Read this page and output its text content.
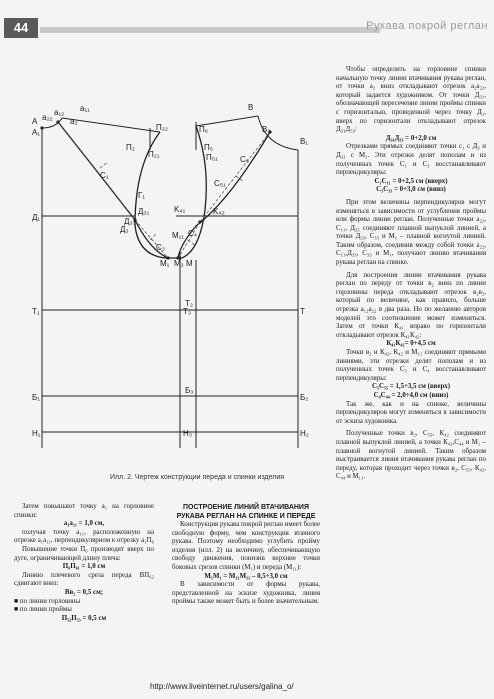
44	Рукава покрой реглан
A
A₁
a₁₁
a₁₂
a₂
a₂₂
П₂₂
П₂₁
П₂
C₁
C₃
Д₁
Д₃
Д₃₁
Д₃₃
Г₁
T₁
Б₁
H₁
B
B₁
B₂
П₆
П₅
П₅₁	C₅
C₅₁
K₄₂
K₄₁
C₄
M₁
M₁₁
M
M₂
T₃	T
T₂
Б₃
Б₂
H₃	H₂
Илл. 2. Чертеж конструкции переда и спинки изделия

Чтобы определить на горловине спинки начальную точку линии втачивания рукава реглан, от точки а₂ вниз откладывают отрезок a₂a₂₂, который задается художником. От точки Д₃₁, обозначающей пересечение линии проймы спинки с горизонталью, проведенной через точку Д₁, вверх по горизонтали откладывают отрезок Д₃₁Д₃₃:

Д₃₁Д₃₃ = 0+2,0 см

Отрезками прямых соединяют точки с₁ с Д₃ и Д₃₃ с М₁. Эти отрезки делят пополам и из полученных точек С₁ и С₃ восстанавливают перпендикуляры:

С₁С₁₁ = 0+2,5 см (вверх)

С₃С₃₃ = 0+3,0 см (вниз)

При этом величины перпендикуляров могут изменяться в зависимости от углубления проймы или формы линии реглан. Полученные точки а₂₂, С₁₁, Д₃₃ соединяют плавной выпуклой линией, а точки Д₃₃, С₃₃ и М₁ – плавной вогнутой линией. Таким образом, соединив между собой точки а₂₂, С₁₁,Д₃₃, С₃₃ и М₁, получают линию втачивания рукава реглан на спинке.

Для построения линии втачивания рукава реглан по переду от точки в₂ вниз по линии горловины переда откладывают отрезок в₂в₂, который по величине, как правило, больше отрезка а₁₂а₂₂ в два раза. Но по желанию авторов моделей это соотношение может изменяться. Затем от точки К₄₁ вправо по горизонтали откладывают отрезок К₄₁К₄₂:

К₄₁К₄₂= 0+4,5 см

Точки в₂ и К₄₂, К₄₂ и М₁₁ соединяют прямыми линиями, эти отрезки делят пополам и из полученных точек С₅ и С₄ восстанавливают перпендикуляры:

С₅С₅₅ = 1,5÷3,5 см (вверх)

С₄С₄₄ = 2,0÷4,0 см (вниз)

Так же, как и на спинке, величины перпендикуляров могут изменяться в зависимости от эскиза художника.

Полученные точки в₂, С₅₅, К₄₂ соединяют плавной выпуклой линией, а точки К₄₂,С₄₄ и М₁ – плавной вогнутой линией. Таким образом выстраивается линия втачивания рукава реглан по переду, которая проходит через точки в₂, С₅₅, К₄₂, С₄₄ и М₁₁.

Затем повышают точку а₁ на горловине спинки:

a₁a₁₁ = 1,0 см,

получая точку а₁₁, расположенную на отрезке а₁а₁₁, перпендикулярном к отрезку а₁П₆

Повышение точки П₆ производят вверх по дуге, ограничивающей длину плеча:

П₆П₆₁ = 1,0 см

Линию плечевого среза переда ВП₆₂ сдвигают вниз:

Вв₂ = 0,5 см;

■ по линии горловины

■ по линии проймы

П₅₂П₅₃ = 0,5 см

ПОСТРОЕНИЕ ЛИНИЙ ВТАЧИВАНИЯ РУКАВА РЕГЛАН НА СПИНКЕ И ПЕРЕДЕ

Конструкция рукава покрой реглан имеет более свободную форму, чем конструкция втачного рукава. Поэтому необходимо углубить пройму изделия (илл. 2) на величину, обеспечивающую свободу движения, понизив верхние точки боковых срезов спинки (М₁) и переда (М₁₁):

М₁М₁ = М₁₁М₁₁ – 0,5÷3,0 см

В зависимости от формы рукава, представленной на эскизе художника, линия проймы также может быть и более значительным.

http://www.liveinternet.ru/users/galina_o/
